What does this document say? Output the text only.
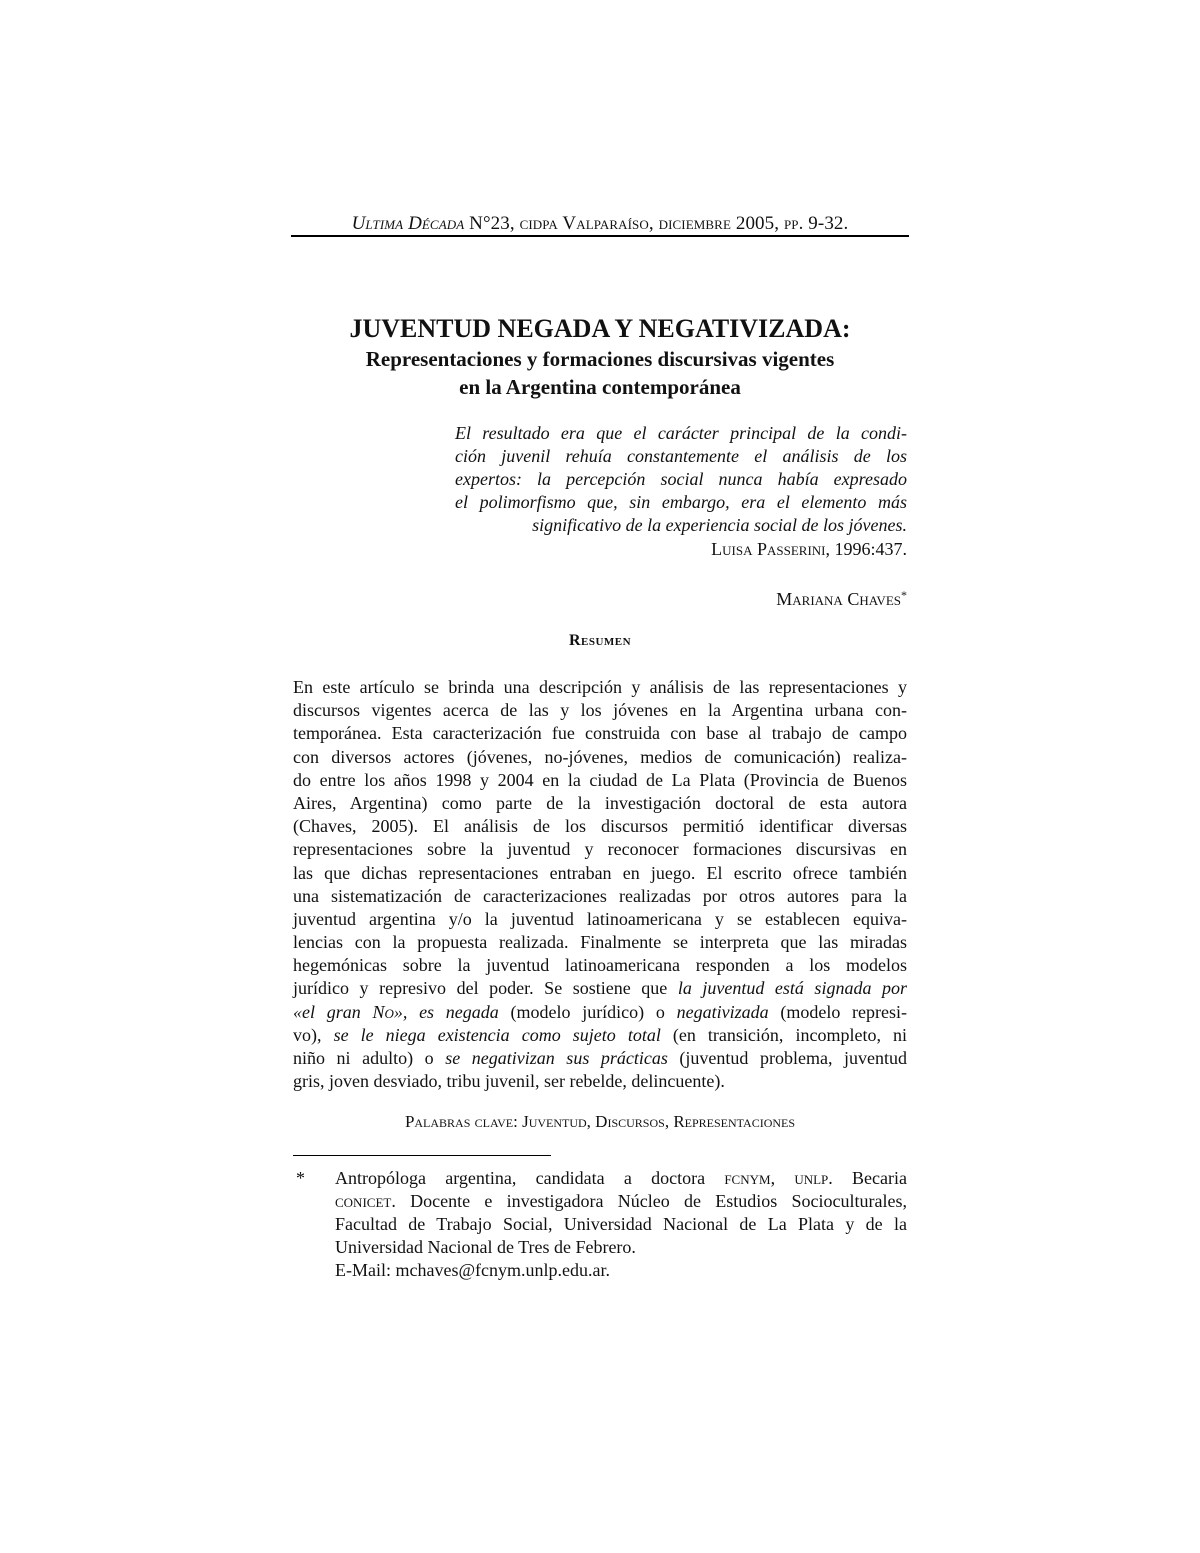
Ultima Década N°23, cidpa Valparaíso, diciembre 2005, pp. 9-32.
JUVENTUD NEGADA Y NEGATIVIZADA:
Representaciones y formaciones discursivas vigentes
en la Argentina contemporánea
El resultado era que el carácter principal de la condi-
ción juvenil rehuía constantemente el análisis de los
expertos: la percepción social nunca había expresado
el polimorfismo que, sin embargo, era el elemento más
significativo de la experiencia social de los jóvenes.
Luisa Passerini, 1996:437.
Mariana Chaves*
Resumen
En este artículo se brinda una descripción y análisis de las representaciones y
discursos vigentes acerca de las y los jóvenes en la Argentina urbana con-
temporánea. Esta caracterización fue construida con base al trabajo de campo
con diversos actores (jóvenes, no-jóvenes, medios de comunicación) realiza-
do entre los años 1998 y 2004 en la ciudad de La Plata (Provincia de Buenos
Aires, Argentina) como parte de la investigación doctoral de esta autora
(Chaves, 2005). El análisis de los discursos permitió identificar diversas
representaciones sobre la juventud y reconocer formaciones discursivas en
las que dichas representaciones entraban en juego. El escrito ofrece también
una sistematización de caracterizaciones realizadas por otros autores para la
juventud argentina y/o la juventud latinoamericana y se establecen equiva-
lencias con la propuesta realizada. Finalmente se interpreta que las miradas
hegemónicas sobre la juventud latinoamericana responden a los modelos
jurídico y represivo del poder. Se sostiene que la juventud está signada por
«el gran No», es negada (modelo jurídico) o negativizada (modelo represi-
vo), se le niega existencia como sujeto total (en transición, incompleto, ni
niño ni adulto) o se negativizan sus prácticas (juventud problema, juventud
gris, joven desviado, tribu juvenil, ser rebelde, delincuente).
Palabras clave: Juventud, Discursos, Representaciones
* Antropóloga argentina, candidata a doctora fcnym, unlp. Becaria
conicet. Docente e investigadora Núcleo de Estudios Socioculturales,
Facultad de Trabajo Social, Universidad Nacional de La Plata y de la
Universidad Nacional de Tres de Febrero.
E-Mail: mchaves@fcnym.unlp.edu.ar.
